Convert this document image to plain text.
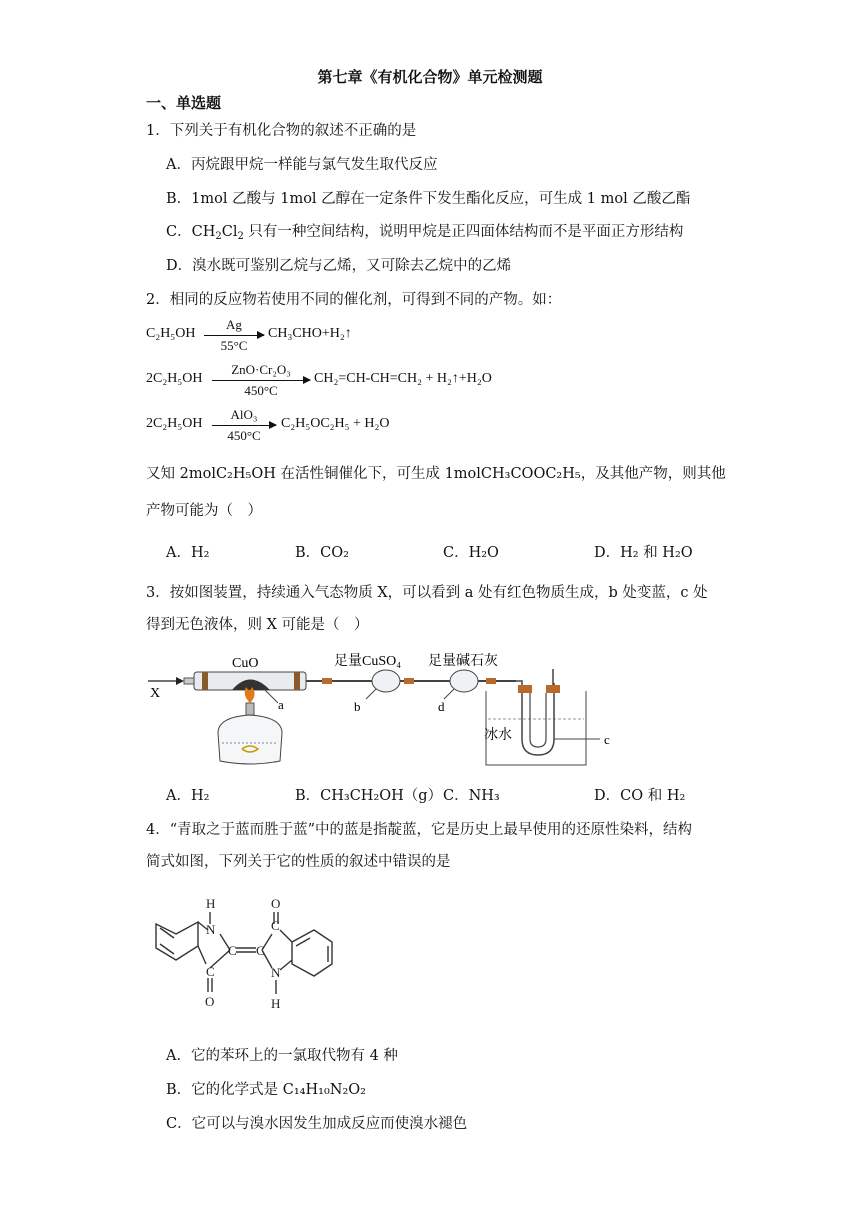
第七章《有机化合物》单元检测题
一、单选题
1．下列关于有机化合物的叙述不正确的是
A．丙烷跟甲烷一样能与氯气发生取代反应
B．1mol 乙酸与 1mol 乙醇在一定条件下发生酯化反应，可生成 1 mol 乙酸乙酯
C．$CH_2Cl_2$ 只有一种空间结构，说明甲烷是正四面体结构而不是平面正方形结构
D．溴水既可鉴别乙烷与乙烯，又可除去乙烷中的乙烯
2．相同的反应物若使用不同的催化剂，可得到不同的产物。如：
C₂H₅OH
Ag
55°C
CH₃CHO+H₂↑
2C₂H₅OH
ZnO·Cr₂O₃
450°C
CH₂=CH-CH=CH₂ + H₂↑+H₂O
2C₂H₅OH
AlO₃
450°C
C₂H₅OC₂H₅ + H₂O
又知 2molC₂H₅OH 在活性铜催化下，可生成 1molCH₃COOC₂H₅，及其他产物，则其他
产物可能为（　）
A．H₂	B．CO₂	C．H₂O	D．H₂ 和 H₂O
3．按如图装置，持续通入气态物质 X，可以看到 a 处有红色物质生成，b 处变蓝，c 处
得到无色液体，则 X 可能是（　）
X
CuO
a	b
足量CuSO₄
d
足量碱石灰
c
冰水
A．H₂	B．CH₃CH₂OH（g） C．NH₃	D．CO 和 H₂
4．“青取之于蓝而胜于蓝”中的蓝是指靛蓝，它是历史上最早使用的还原性染料，结构
简式如图，下列关于它的性质的叙述中错误的是
H
N
C
C
O
C
C
O
N
H
A．它的苯环上的一氯取代物有 4 种
B．它的化学式是 C₁₄H₁₀N₂O₂
C．它可以与溴水因发生加成反应而使溴水褪色
